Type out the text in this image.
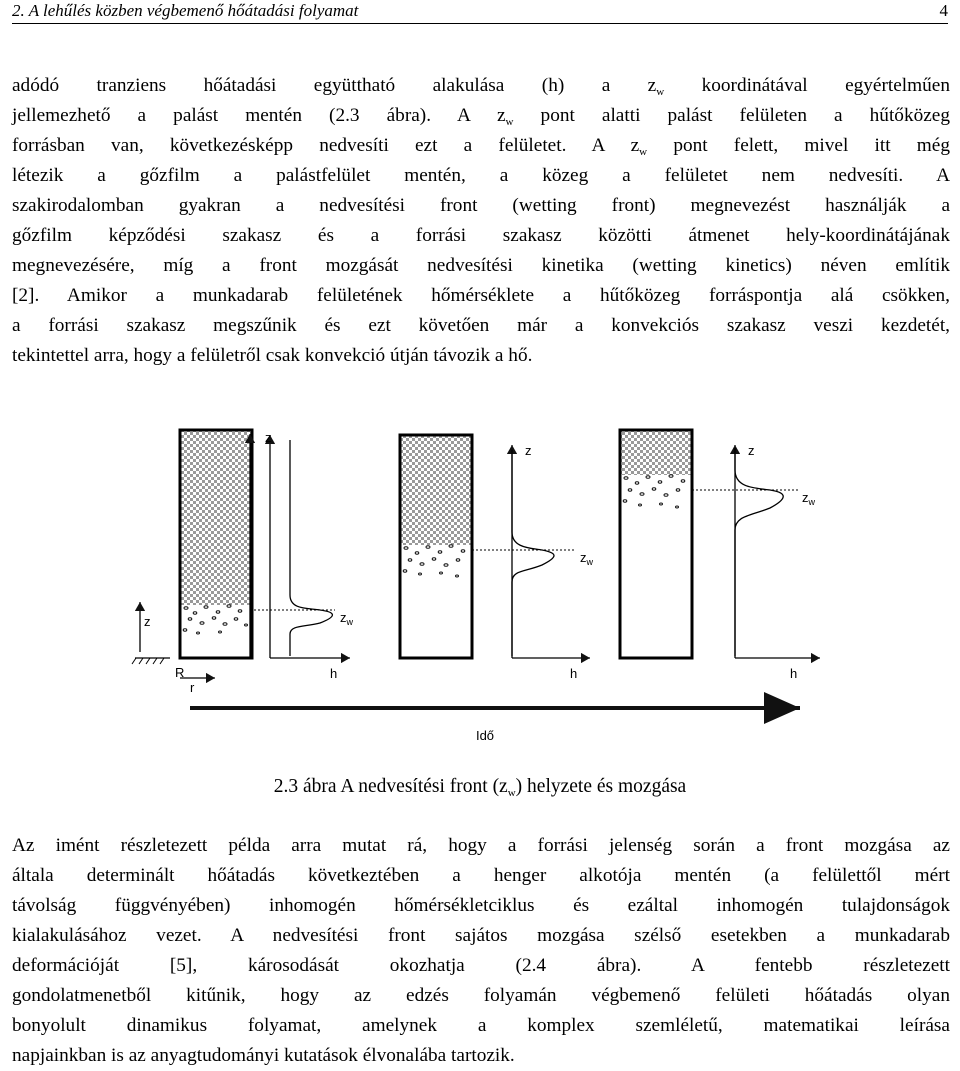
2. A lehűlés közben végbemenő hőátadási folyamat	4
adódó tranziens hőátadási együttható alakulása (h) a $z_w$ koordinátával egyértelműen
jellemezhető a palást mentén (2.3 ábra). A $z_w$ pont alatti palást felületen a hűtőközeg
forrásban van, következésképp nedvesíti ezt a felületet. A $z_w$ pont felett, mivel itt még
létezik a gőzfilm a palástfelület mentén, a közeg a felületet nem nedvesíti. A
szakirodalomban gyakran a nedvesítési front (wetting front) megnevezést használják a
gőzfilm képződési szakasz és a forrási szakasz közötti átmenet hely-koordinátájának
megnevezésére, míg a front mozgását nedvesítési kinetika (wetting kinetics) néven említik
[2]. Amikor a munkadarab felületének hőmérséklete a hűtőközeg forráspontja alá csökken,
a forrási szakasz megszűnik és ezt követően már a konvekciós szakasz veszi kezdetét,
tekintettel arra, hogy a felületről csak konvekció útján távozik a hő.
z
h
$z_w$
z
R
r
z
h
$z_w$
z
h
$z_w$
Idő
2.3 ábra A nedvesítési front $(z_w)$ helyzete és mozgása
Az imént részletezett példa arra mutat rá, hogy a forrási jelenség során a front mozgása az
általa determinált hőátadás következtében a henger alkotója mentén (a felülettől mért
távolság függvényében) inhomogén hőmérsékletciklus és ezáltal inhomogén tulajdonságok
kialakulásához vezet. A nedvesítési front sajátos mozgása szélső esetekben a munkadarab
deformációját [5], károsodását okozhatja (2.4 ábra). A fentebb részletezett
gondolatmenetből kitűnik, hogy az edzés folyamán végbemenő felületi hőátadás olyan
bonyolult dinamikus folyamat, amelynek a komplex szemléletű, matematikai leírása
napjainkban is az anyagtudományi kutatások élvonalába tartozik.
